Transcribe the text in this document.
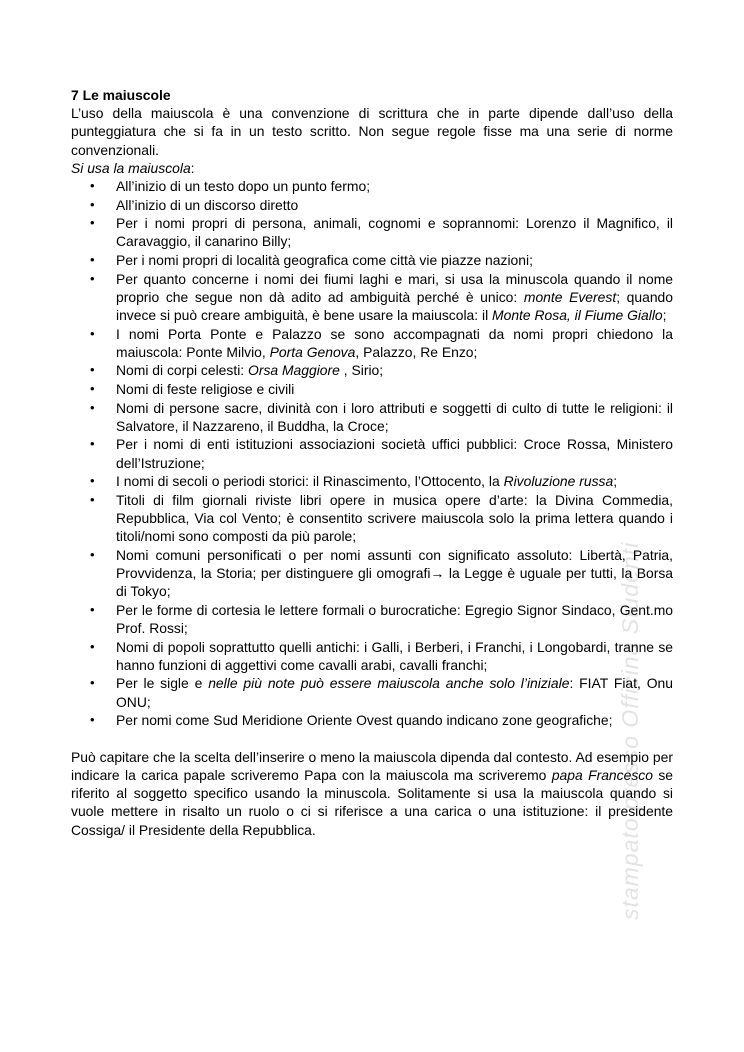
stampato presso Officina Studenti

7 Le maiuscole

L’uso della maiuscola è una convenzione di scrittura che in parte dipende dall’uso della punteggiatura che si fa in un testo scritto. Non segue regole fisse ma una serie di norme convenzionali.

Si usa la maiuscola:

• All’inizio di un testo dopo un punto fermo;
• All’inizio di un discorso diretto
• Per i nomi propri di persona, animali, cognomi e soprannomi: Lorenzo il Magnifico, il Caravaggio, il canarino Billy;
• Per i nomi propri di località geografica come città vie piazze nazioni;
• Per quanto concerne i nomi dei fiumi laghi e mari, si usa la minuscola quando il nome proprio che segue non dà adito ad ambiguità perché è unico: monte Everest; quando invece si può creare ambiguità, è bene usare la maiuscola: il Monte Rosa, il Fiume Giallo;
• I nomi Porta Ponte e Palazzo se sono accompagnati da nomi propri chiedono la maiuscola: Ponte Milvio, Porta Genova, Palazzo, Re Enzo;
• Nomi di corpi celesti: Orsa Maggiore , Sirio;
• Nomi di feste religiose e civili
• Nomi di persone sacre, divinità con i loro attributi e soggetti di culto di tutte le religioni: il Salvatore, il Nazzareno, il Buddha, la Croce;
• Per i nomi di enti istituzioni associazioni società uffici pubblici: Croce Rossa, Ministero dell’Istruzione;
• I nomi di secoli o periodi storici: il Rinascimento, l’Ottocento, la Rivoluzione russa;
• Titoli di film giornali riviste libri opere in musica opere d’arte: la Divina Commedia, Repubblica, Via col Vento; è consentito scrivere maiuscola solo la prima lettera quando i titoli/nomi sono composti da più parole;
• Nomi comuni personificati o per nomi assunti con significato assoluto: Libertà, Patria, Provvidenza, la Storia; per distinguere gli omografi→ la Legge è uguale per tutti, la Borsa di Tokyo;
• Per le forme di cortesia le lettere formali o burocratiche: Egregio Signor Sindaco, Gent.mo Prof. Rossi;
• Nomi di popoli soprattutto quelli antichi: i Galli, i Berberi, i Franchi, i Longobardi, tranne se hanno funzioni di aggettivi come cavalli arabi, cavalli franchi;
• Per le sigle e nelle più note può essere maiuscola anche solo l’iniziale: FIAT Fiat, Onu ONU;
• Per nomi come Sud Meridione Oriente Ovest quando indicano zone geografiche;

Può capitare che la scelta dell’inserire o meno la maiuscola dipenda dal contesto. Ad esempio per indicare la carica papale scriveremo Papa con la maiuscola ma scriveremo papa Francesco se riferito al soggetto specifico usando la minuscola. Solitamente si usa la maiuscola quando si vuole mettere in risalto un ruolo o ci si riferisce a una carica o una istituzione: il presidente Cossiga/ il Presidente della Repubblica.
